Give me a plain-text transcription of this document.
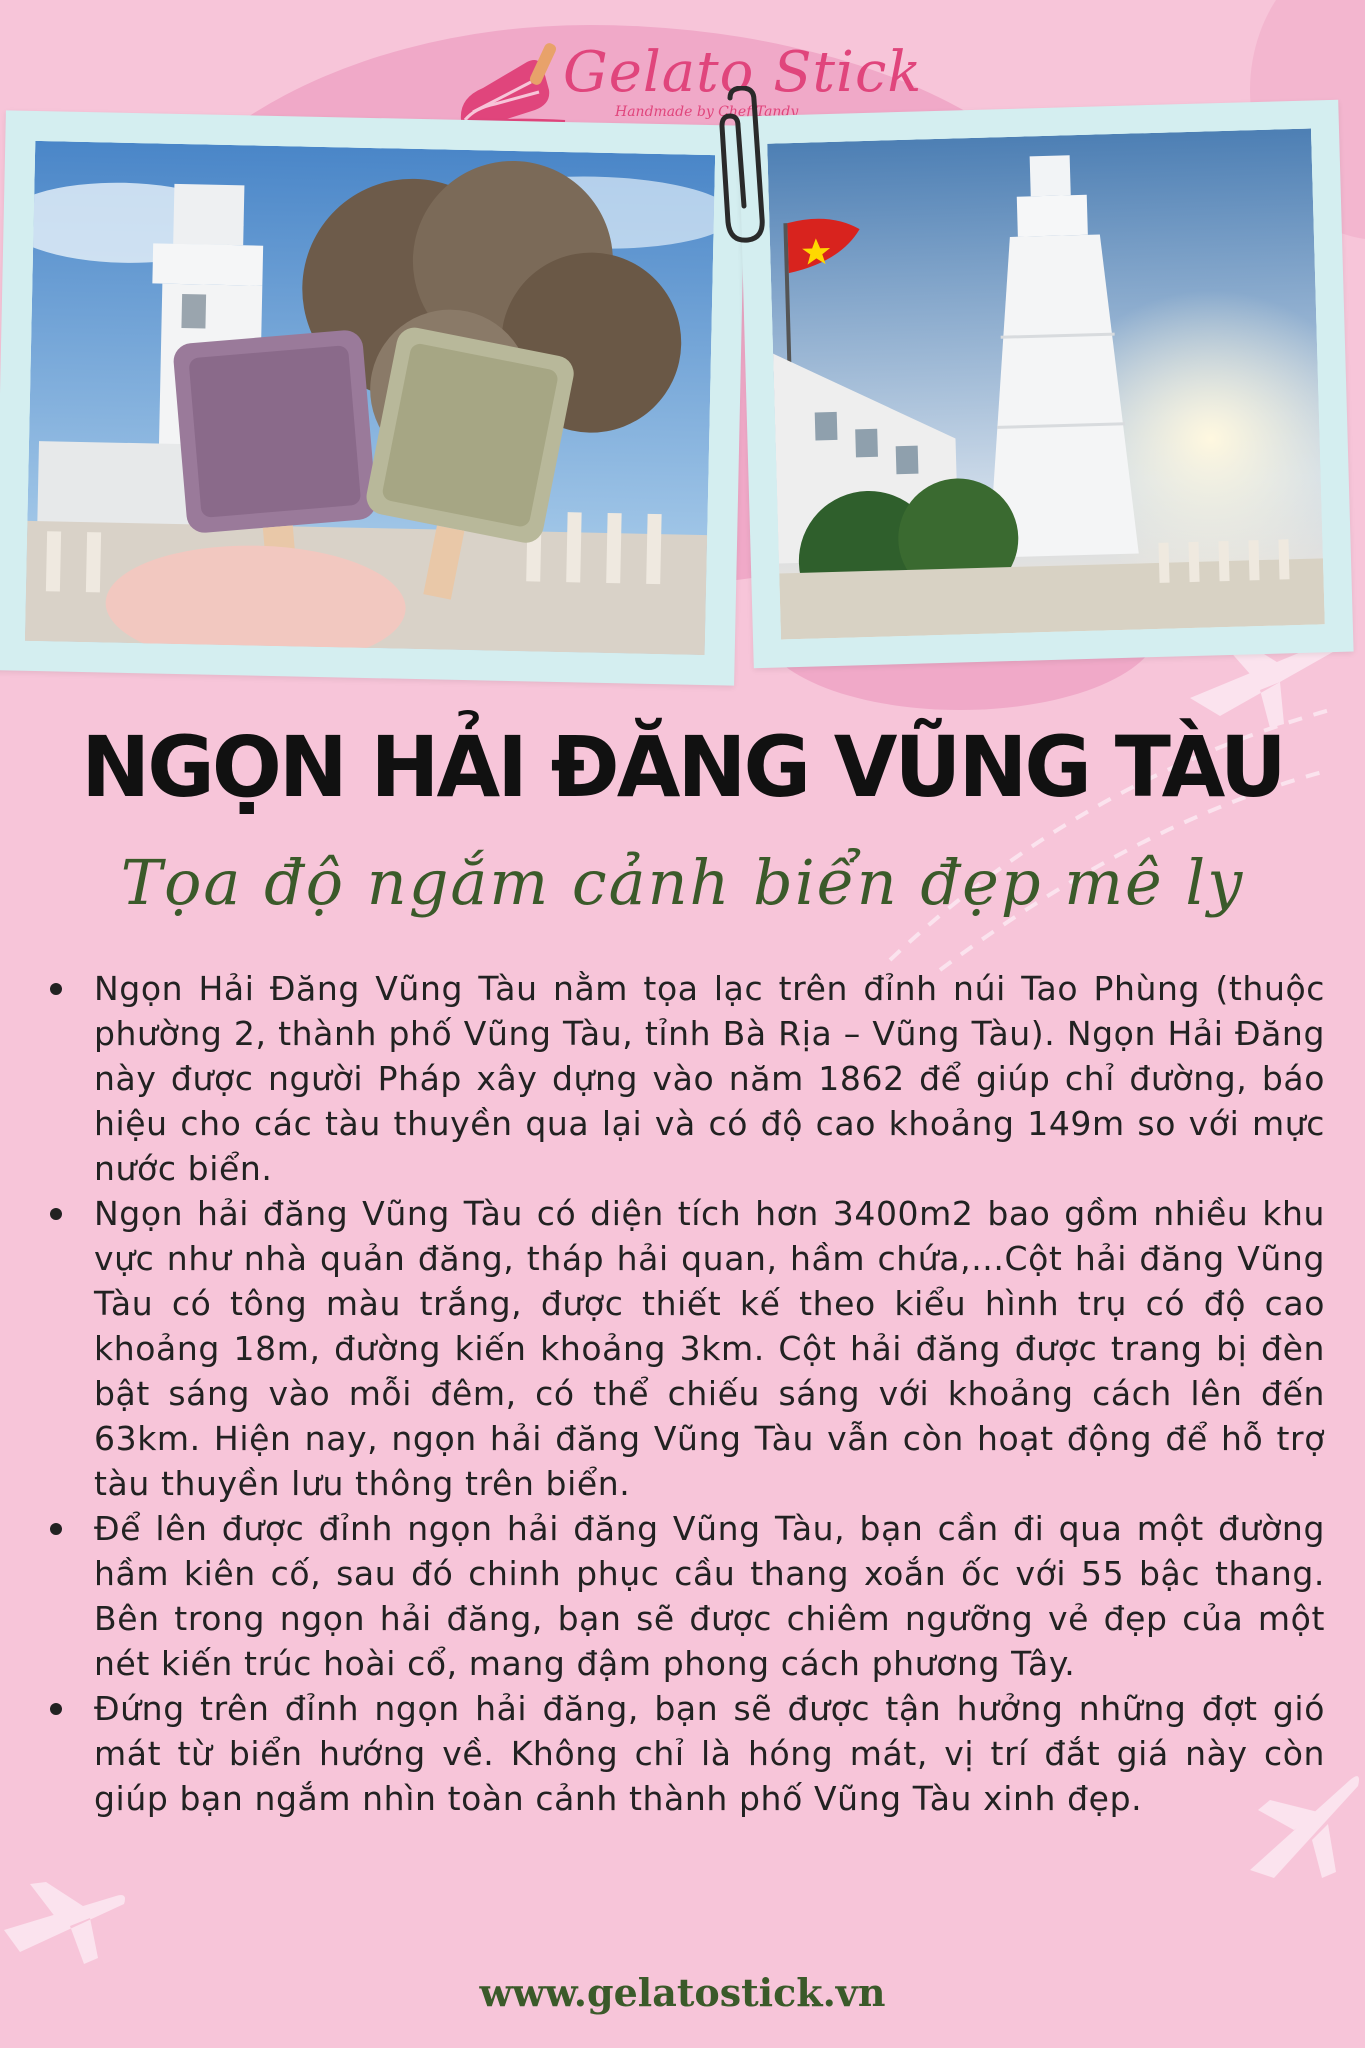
Gelato Stick
Handmade by Chef Tandy
NGỌN HẢI ĐĂNG VŨNG TÀU
Tọa độ ngắm cảnh biển đẹp mê ly
Ngọn Hải Đăng Vũng Tàu nằm tọa lạc trên đỉnh núi Tao Phùng (thuộc phường 2, thành phố Vũng Tàu, tỉnh Bà Rịa – Vũng Tàu). Ngọn Hải Đăng này được người Pháp xây dựng vào năm 1862 để giúp chỉ đường, báo hiệu cho các tàu thuyền qua lại và có độ cao khoảng 149m so với mực nước biển.
Ngọn hải đăng Vũng Tàu có diện tích hơn 3400m2 bao gồm nhiều khu vực như nhà quản đăng, tháp hải quan, hầm chứa,...Cột hải đăng Vũng Tàu có tông màu trắng, được thiết kế theo kiểu hình trụ có độ cao khoảng 18m, đường kiến khoảng 3km. Cột hải đăng được trang bị đèn bật sáng vào mỗi đêm, có thể chiếu sáng với khoảng cách lên đến 63km. Hiện nay, ngọn hải đăng Vũng Tàu vẫn còn hoạt động để hỗ trợ tàu thuyền lưu thông trên biển.
Để lên được đỉnh ngọn hải đăng Vũng Tàu, bạn cần đi qua một đường hầm kiên cố, sau đó chinh phục cầu thang xoắn ốc với 55 bậc thang. Bên trong ngọn hải đăng, bạn sẽ được chiêm ngưỡng vẻ đẹp của một nét kiến trúc hoài cổ, mang đậm phong cách phương Tây.
Đứng trên đỉnh ngọn hải đăng, bạn sẽ được tận hưởng những đợt gió mát từ biển hướng về. Không chỉ là hóng mát, vị trí đắt giá này còn giúp bạn ngắm nhìn toàn cảnh thành phố Vũng Tàu xinh đẹp.
www.gelatostick.vn
